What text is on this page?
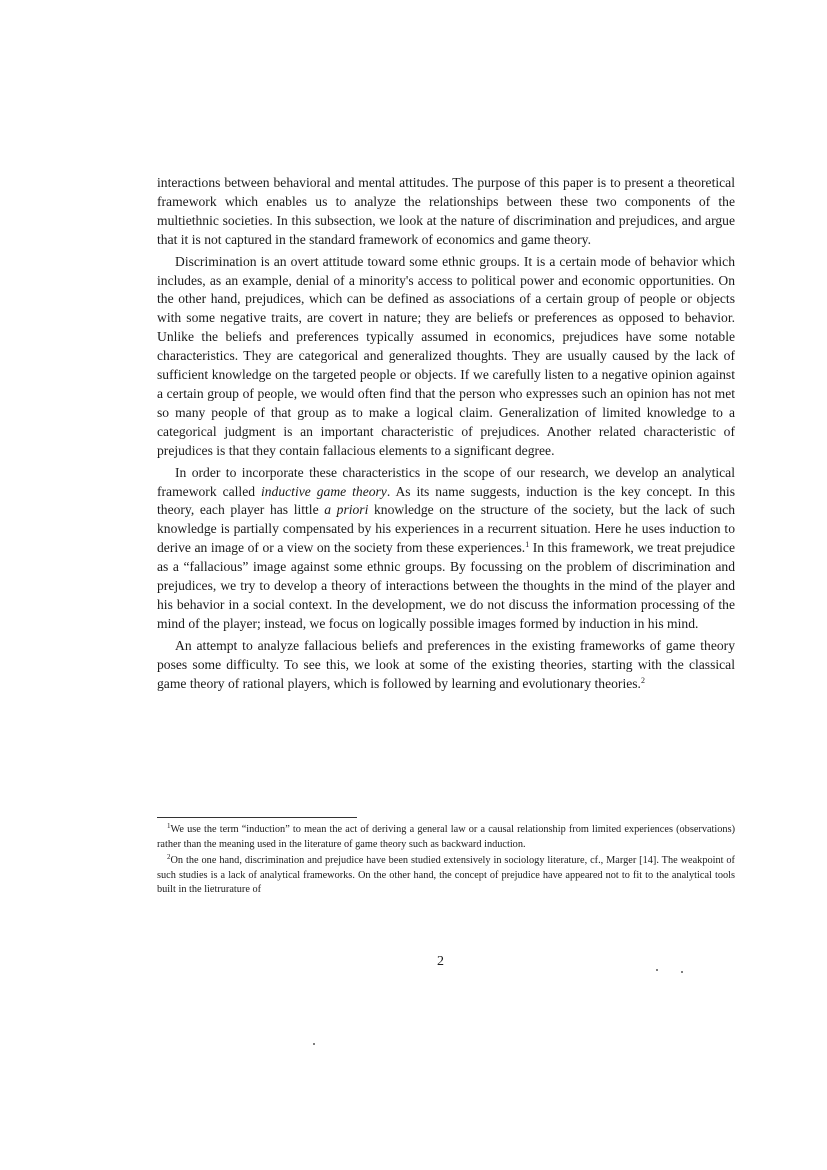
interactions between behavioral and mental attitudes. The purpose of this paper is to present a theoretical framework which enables us to analyze the relationships between these two components of the multiethnic societies. In this subsection, we look at the nature of discrimination and prejudices, and argue that it is not captured in the standard framework of economics and game theory.

Discrimination is an overt attitude toward some ethnic groups. It is a certain mode of behavior which includes, as an example, denial of a minority's access to political power and economic opportunities. On the other hand, prejudices, which can be defined as associations of a certain group of people or objects with some negative traits, are covert in nature; they are beliefs or preferences as opposed to behavior. Unlike the beliefs and preferences typically assumed in economics, prejudices have some notable characteristics. They are categorical and generalized thoughts. They are usually caused by the lack of sufficient knowledge on the targeted people or objects. If we carefully listen to a negative opinion against a certain group of people, we would often find that the person who expresses such an opinion has not met so many people of that group as to make a logical claim. Generalization of limited knowledge to a categorical judgment is an important characteristic of prejudices. Another related characteristic of prejudices is that they contain fallacious elements to a significant degree.

In order to incorporate these characteristics in the scope of our research, we develop an analytical framework called inductive game theory. As its name suggests, induction is the key concept. In this theory, each player has little a priori knowledge on the structure of the society, but the lack of such knowledge is partially compensated by his experiences in a recurrent situation. Here he uses induction to derive an image of or a view on the society from these experiences.$^1$ In this framework, we treat prejudice as a “fallacious” image against some ethnic groups. By focussing on the problem of discrimination and prejudices, we try to develop a theory of interactions between the thoughts in the mind of the player and his behavior in a social context. In the development, we do not discuss the information processing of the mind of the player; instead, we focus on logically possible images formed by induction in his mind.

An attempt to analyze fallacious beliefs and preferences in the existing frameworks of game theory poses some difficulty. To see this, we look at some of the existing theories, starting with the classical game theory of rational players, which is followed by learning and evolutionary theories.$^2$

$^1$We use the term “induction” to mean the act of deriving a general law or a causal relationship from limited experiences (observations) rather than the meaning used in the literature of game theory such as backward induction.

$^2$On the one hand, discrimination and prejudice have been studied extensively in sociology literature, cf., Marger [14]. The weakpoint of such studies is a lack of analytical frameworks. On the other hand, the concept of prejudice have appeared not to fit to the analytical tools built in the lietrurature of

2
